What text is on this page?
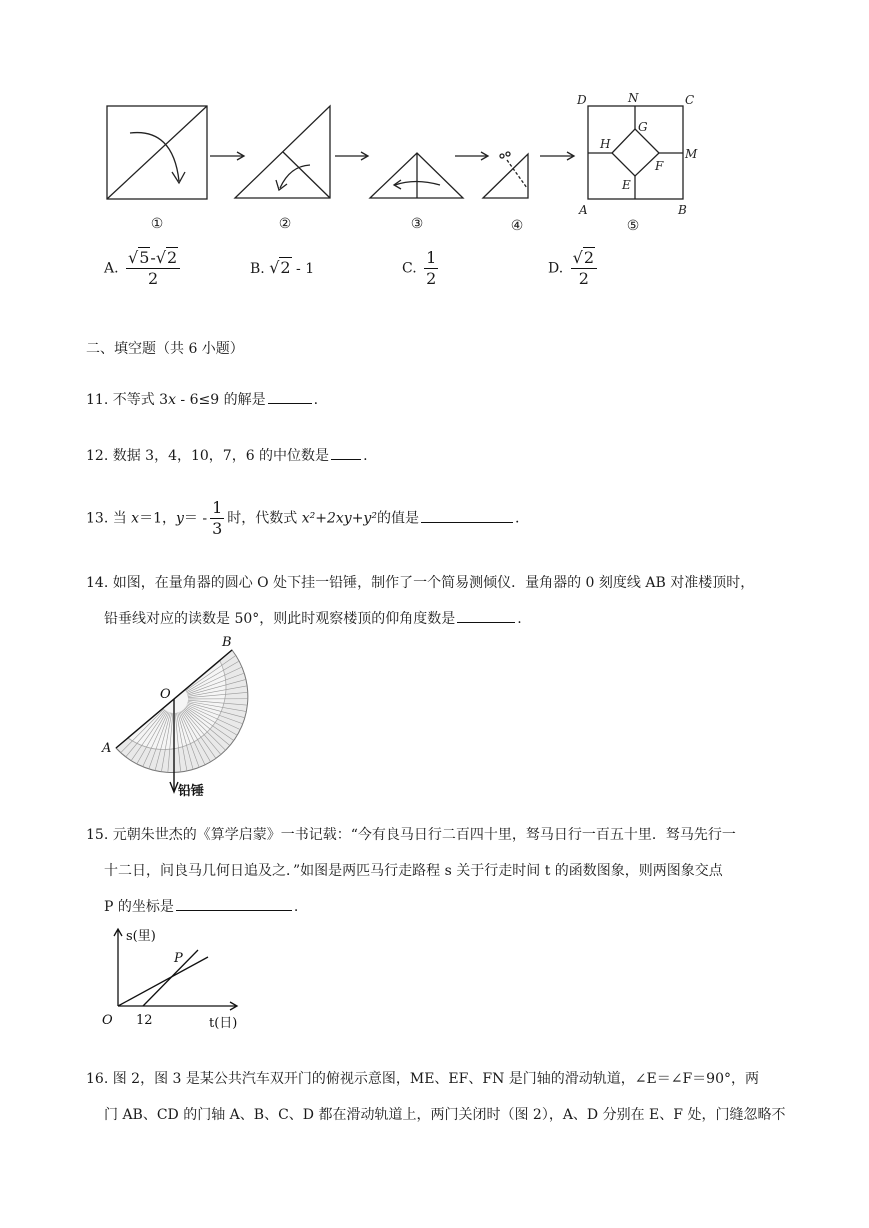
①	②	③	④	⑤
D	N	C
G
H
M
F
E
A	B
A. $\frac{√5-√2}{2}$	B. √2 - 1	C. $\frac{1}{2}$	D. $\frac{√2}{2}$
二、填空题（共 6 小题）
11. 不等式 3x - 6≤9 的解是	.
12. 数据 3，4，10，7，6 的中位数是 .
13. 当 x＝1，$y= - \frac{1}{3}$ 时，代数式 x²+2xy+y²的值是	.
14. 如图，在量角器的圆心 O 处下挂一铅锤，制作了一个简易测倾仪．量角器的 0 刻度线 AB 对准楼顶时，
铅垂线对应的读数是 50°，则此时观察楼顶的仰角度数是	.
A
B
O
铅锤
15. 元朝朱世杰的《算学启蒙》一书记载：“今有良马日行二百四十里，驽马日行一百五十里．驽马先行一
十二日，问良马几何日追及之．”如图是两匹马行走路程 s 关于行走时间 t 的函数图象，则两图象交点
P 的坐标是	.
s(里)
t(日)
O 12
P
16. 图 2，图 3 是某公共汽车双开门的俯视示意图，ME、EF、FN 是门轴的滑动轨道，∠E＝∠F＝90°，两
门 AB、CD 的门轴 A、B、C、D 都在滑动轨道上，两门关闭时（图 2），A、D 分别在 E、F 处，门缝忽略不
